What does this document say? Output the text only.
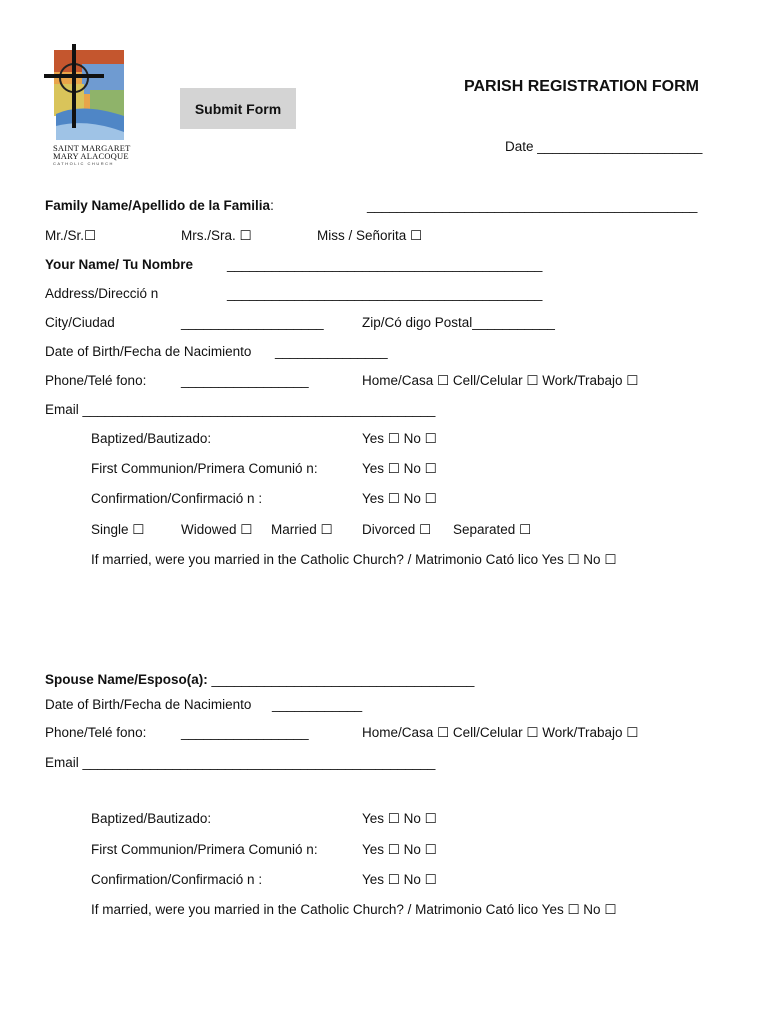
SAINT MARGARET
MARY ALACOQUE
CATHOLIC CHURCH
Submit Form
PARISH REGISTRATION FORM
Date ______________________
Family Name/Apellido de la Familia:	____________________________________________
Mr./Sr.☐	Mrs./Sra. ☐	Miss / Señorita ☐
Your Name/ Tu Nombre	__________________________________________
Address/Direcció n	__________________________________________
City/Ciudad	___________________	Zip/Có digo Postal___________
Date of Birth/Fecha de Nacimiento _______________
Phone/Telé fono:	_________________	Home/Casa ☐ Cell/Celular ☐ Work/Trabajo ☐
Email _______________________________________________
Baptized/Bautizado:	Yes ☐ No ☐
First Communion/Primera Comunió n:	Yes ☐ No ☐
Confirmation/Confirmació n :	Yes ☐ No ☐
Single ☐	Widowed ☐ Married ☐ Divorced ☐ Separated ☐
If married, were you married in the Catholic Church? / Matrimonio Cató lico Yes ☐ No ☐
Spouse Name/Esposo(a): ___________________________________
Date of Birth/Fecha de Nacimiento ____________
Phone/Telé fono:	_________________	Home/Casa ☐ Cell/Celular ☐ Work/Trabajo ☐
Email _______________________________________________
Baptized/Bautizado:	Yes ☐ No ☐
First Communion/Primera Comunió n:	Yes ☐ No ☐
Confirmation/Confirmació n :	Yes ☐ No ☐
If married, were you married in the Catholic Church? / Matrimonio Cató lico Yes ☐ No ☐
